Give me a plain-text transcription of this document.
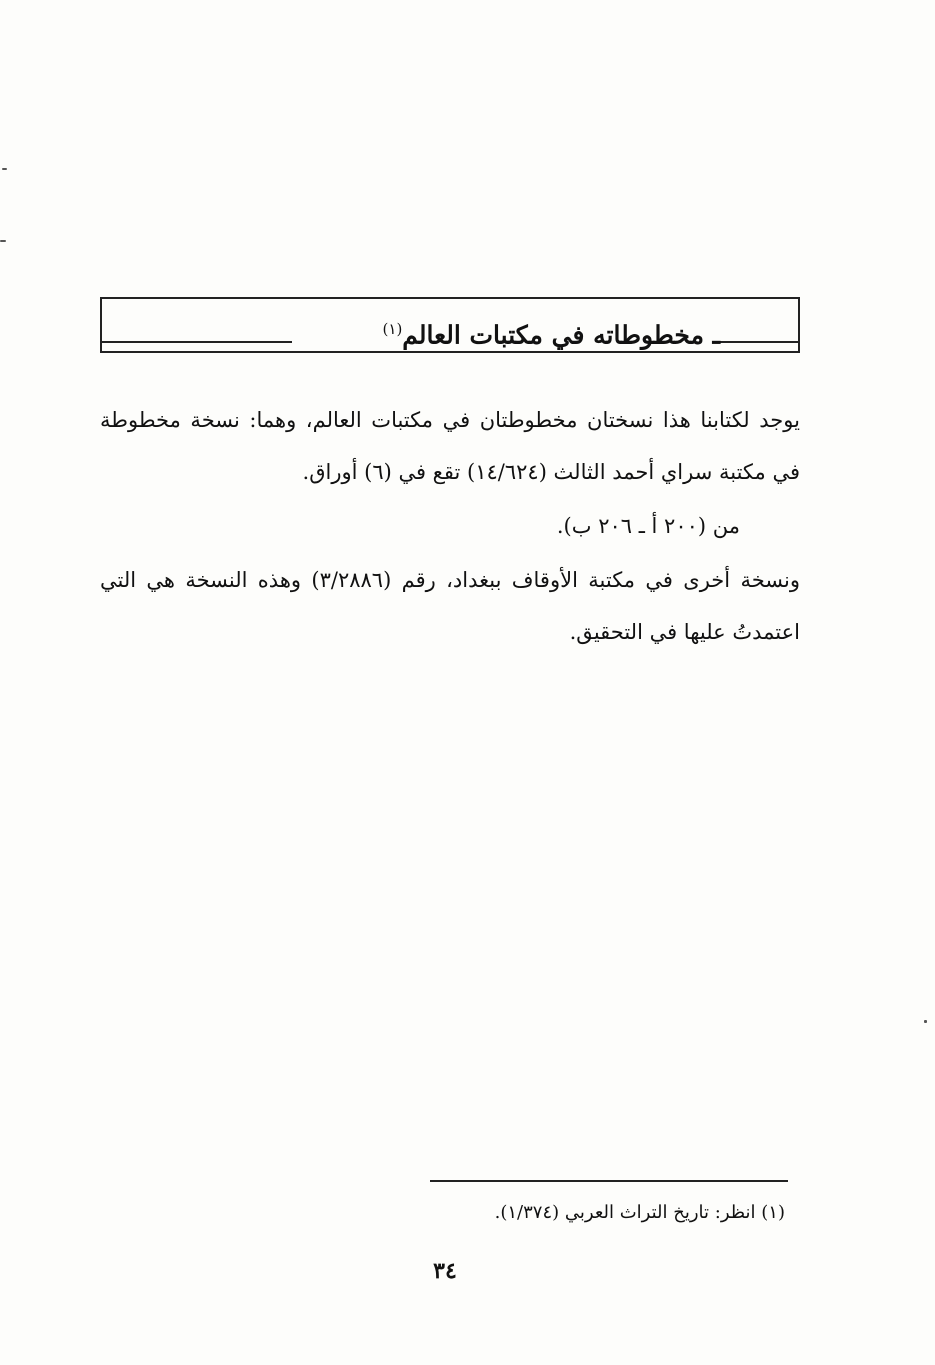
ـ مخطوطاته في مكتبات العالم$^{(١)}$
يوجد لكتابنا هذا نسختان مخطوطتان في مكتبات العالم، وهما: نسخة مخطوطة في مكتبة سراي أحمد الثالث (١٤/٦٢٤) تقع في (٦) أوراق.
من (٢٠٠ أ ـ ٢٠٦ ب).
ونسخة أخرى في مكتبة الأوقاف ببغداد، رقم (٣/٢٨٨٦) وهذه النسخة هي التي اعتمدتُ عليها في التحقيق.
(١) انظر: تاريخ التراث العربي (١/٣٧٤).
٣٤
